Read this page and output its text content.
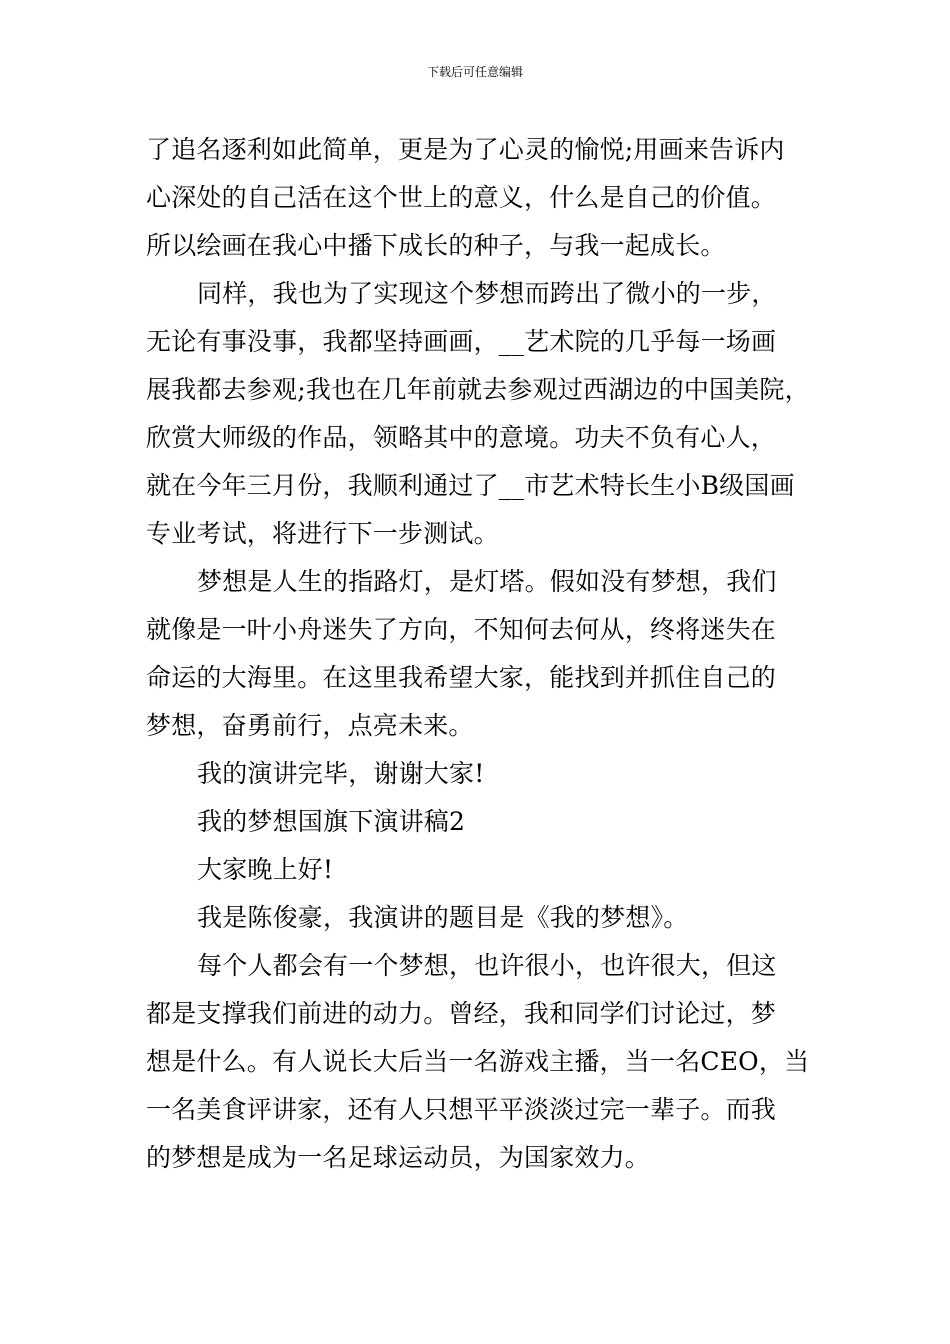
下载后可任意编辑
了追名逐利如此简单，更是为了心灵的愉悦;用画来告诉内
心深处的自己活在这个世上的意义，什么是自己的价值。
所以绘画在我心中播下成长的种子，与我一起成长。
同样，我也为了实现这个梦想而跨出了微小的一步，
无论有事没事，我都坚持画画，__艺术院的几乎每一场画
展我都去参观;我也在几年前就去参观过西湖边的中国美院，
欣赏大师级的作品，领略其中的意境。功夫不负有心人，
就在今年三月份，我顺利通过了__市艺术特长生小B级国画
专业考试，将进行下一步测试。
梦想是人生的指路灯，是灯塔。假如没有梦想，我们
就像是一叶小舟迷失了方向，不知何去何从，终将迷失在
命运的大海里。在这里我希望大家，能找到并抓住自己的
梦想，奋勇前行，点亮未来。
我的演讲完毕，谢谢大家!
我的梦想国旗下演讲稿2
大家晚上好!
我是陈俊豪，我演讲的题目是《我的梦想》。
每个人都会有一个梦想，也许很小，也许很大，但这
都是支撑我们前进的动力。曾经，我和同学们讨论过，梦
想是什么。有人说长大后当一名游戏主播，当一名CEO，当
一名美食评讲家，还有人只想平平淡淡过完一辈子。而我
的梦想是成为一名足球运动员，为国家效力。
